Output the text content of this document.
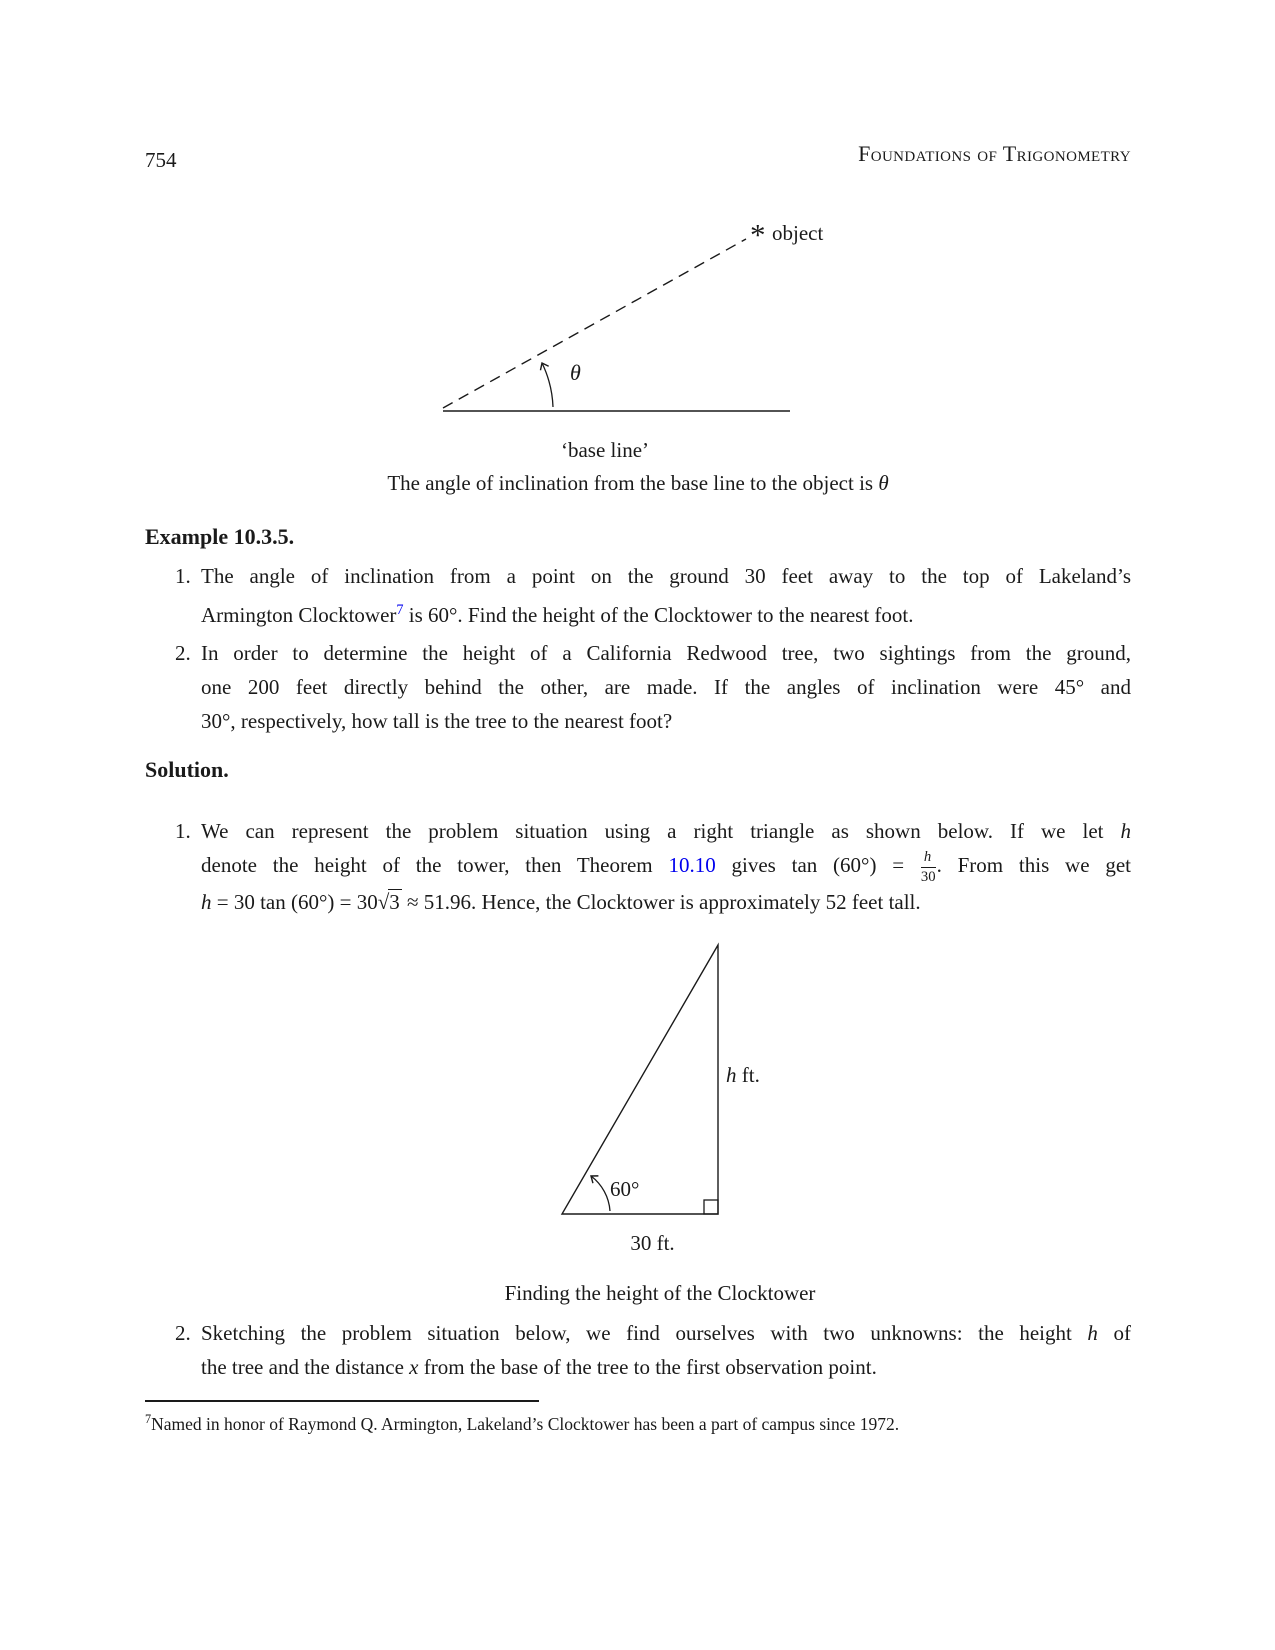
754	Foundations of Trigonometry
* object
θ
‘base line’
The angle of inclination from the base line to the object is θ
Example 10.3.5.
1. The angle of inclination from a point on the ground 30 feet away to the top of Lakeland’s
Armington Clocktower$^7$ is 60°. Find the height of the Clocktower to the nearest foot.
2. In order to determine the height of a California Redwood tree, two sightings from the ground,
one 200 feet directly behind the other, are made. If the angles of inclination were 45° and
30°, respectively, how tall is the tree to the nearest foot?
Solution.
1. We can represent the problem situation using a right triangle as shown below. If we let h
denote the height of the tower, then Theorem 10.10 gives $\tan (60^\circ) = \frac{h}{30}$ . From this we get
h = 30 tan (60°) = 30√3 ≈ 51.96. Hence, the Clocktower is approximately 52 feet tall.
h ft.
60°
30 ft.
Finding the height of the Clocktower
2. Sketching the problem situation below, we find ourselves with two unknowns: the height h of
the tree and the distance x from the base of the tree to the first observation point.
$^7$Named in honor of Raymond Q. Armington, Lakeland’s Clocktower has been a part of campus since 1972.
